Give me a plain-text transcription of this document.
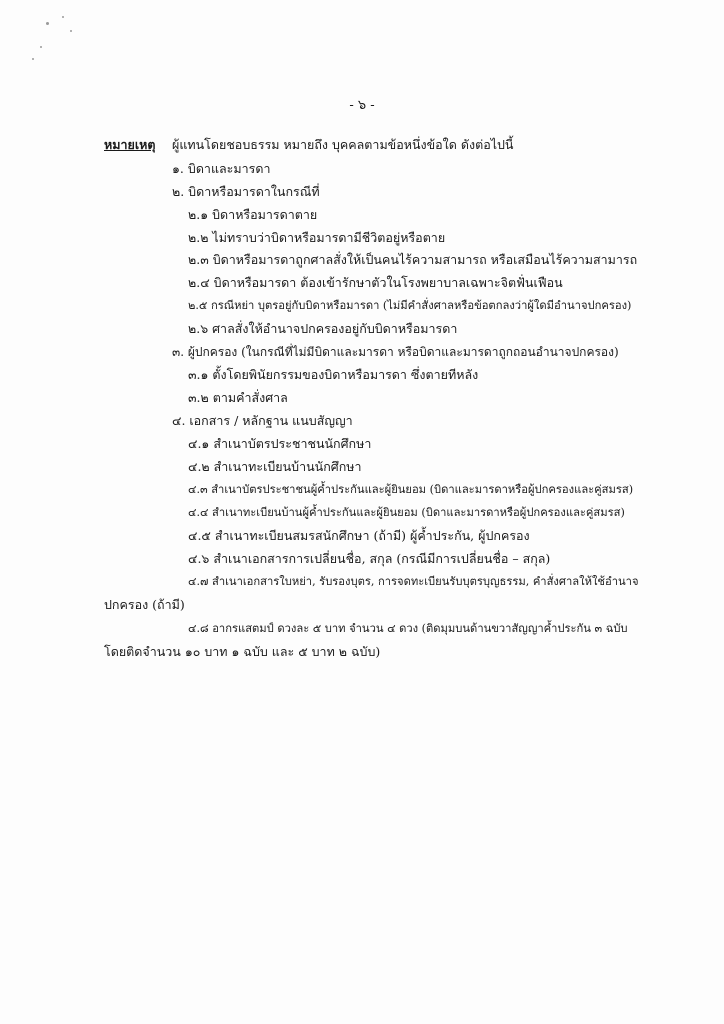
- ๖ -
หมายเหตุ ผู้แทนโดยชอบธรรม หมายถึง บุคคลตามข้อหนึ่งข้อใด ดังต่อไปนี้
๑. บิดาและมารดา
๒. บิดาหรือมารดาในกรณีที่
๒.๑ บิดาหรือมารดาตาย
๒.๒ ไม่ทราบว่าบิดาหรือมารดามีชีวิตอยู่หรือตาย
๒.๓ บิดาหรือมารดาถูกศาลสั่งให้เป็นคนไร้ความสามารถ หรือเสมือนไร้ความสามารถ
๒.๔ บิดาหรือมารดา ต้องเข้ารักษาตัวในโรงพยาบาลเฉพาะจิตฟั่นเฟือน
๒.๕ กรณีหย่า บุตรอยู่กับบิดาหรือมารดา (ไม่มีคำสั่งศาลหรือข้อตกลงว่าผู้ใดมีอำนาจปกครอง)
๒.๖ ศาลสั่งให้อำนาจปกครองอยู่กับบิดาหรือมารดา
๓. ผู้ปกครอง (ในกรณีที่ไม่มีบิดาและมารดา หรือบิดาและมารดาถูกถอนอำนาจปกครอง)
๓.๑ ตั้งโดยพินัยกรรมของบิดาหรือมารดา ซึ่งตายทีหลัง
๓.๒ ตามคำสั่งศาล
๔. เอกสาร / หลักฐาน แนบสัญญา
๔.๑ สำเนาบัตรประชาชนนักศึกษา
๔.๒ สำเนาทะเบียนบ้านนักศึกษา
๔.๓ สำเนาบัตรประชาชนผู้ค้ำประกันและผู้ยินยอม (บิดาและมารดาหรือผู้ปกครองและคู่สมรส)
๔.๔ สำเนาทะเบียนบ้านผู้ค้ำประกันและผู้ยินยอม (บิดาและมารดาหรือผู้ปกครองและคู่สมรส)
๔.๕ สำเนาทะเบียนสมรสนักศึกษา (ถ้ามี) ผู้ค้ำประกัน, ผู้ปกครอง
๔.๖ สำเนาเอกสารการเปลี่ยนชื่อ, สกุล (กรณีมีการเปลี่ยนชื่อ – สกุล)
๔.๗ สำเนาเอกสารใบหย่า, รับรองบุตร, การจดทะเบียนรับบุตรบุญธรรม, คำสั่งศาลให้ใช้อำนาจ
ปกครอง (ถ้ามี)
๔.๘ อากรแสตมป์ ดวงละ ๕ บาท จำนวน ๔ ดวง (ติดมุมบนด้านขวาสัญญาค้ำประกัน ๓ ฉบับ
โดยติดจำนวน ๑๐ บาท ๑ ฉบับ และ ๕ บาท ๒ ฉบับ)
